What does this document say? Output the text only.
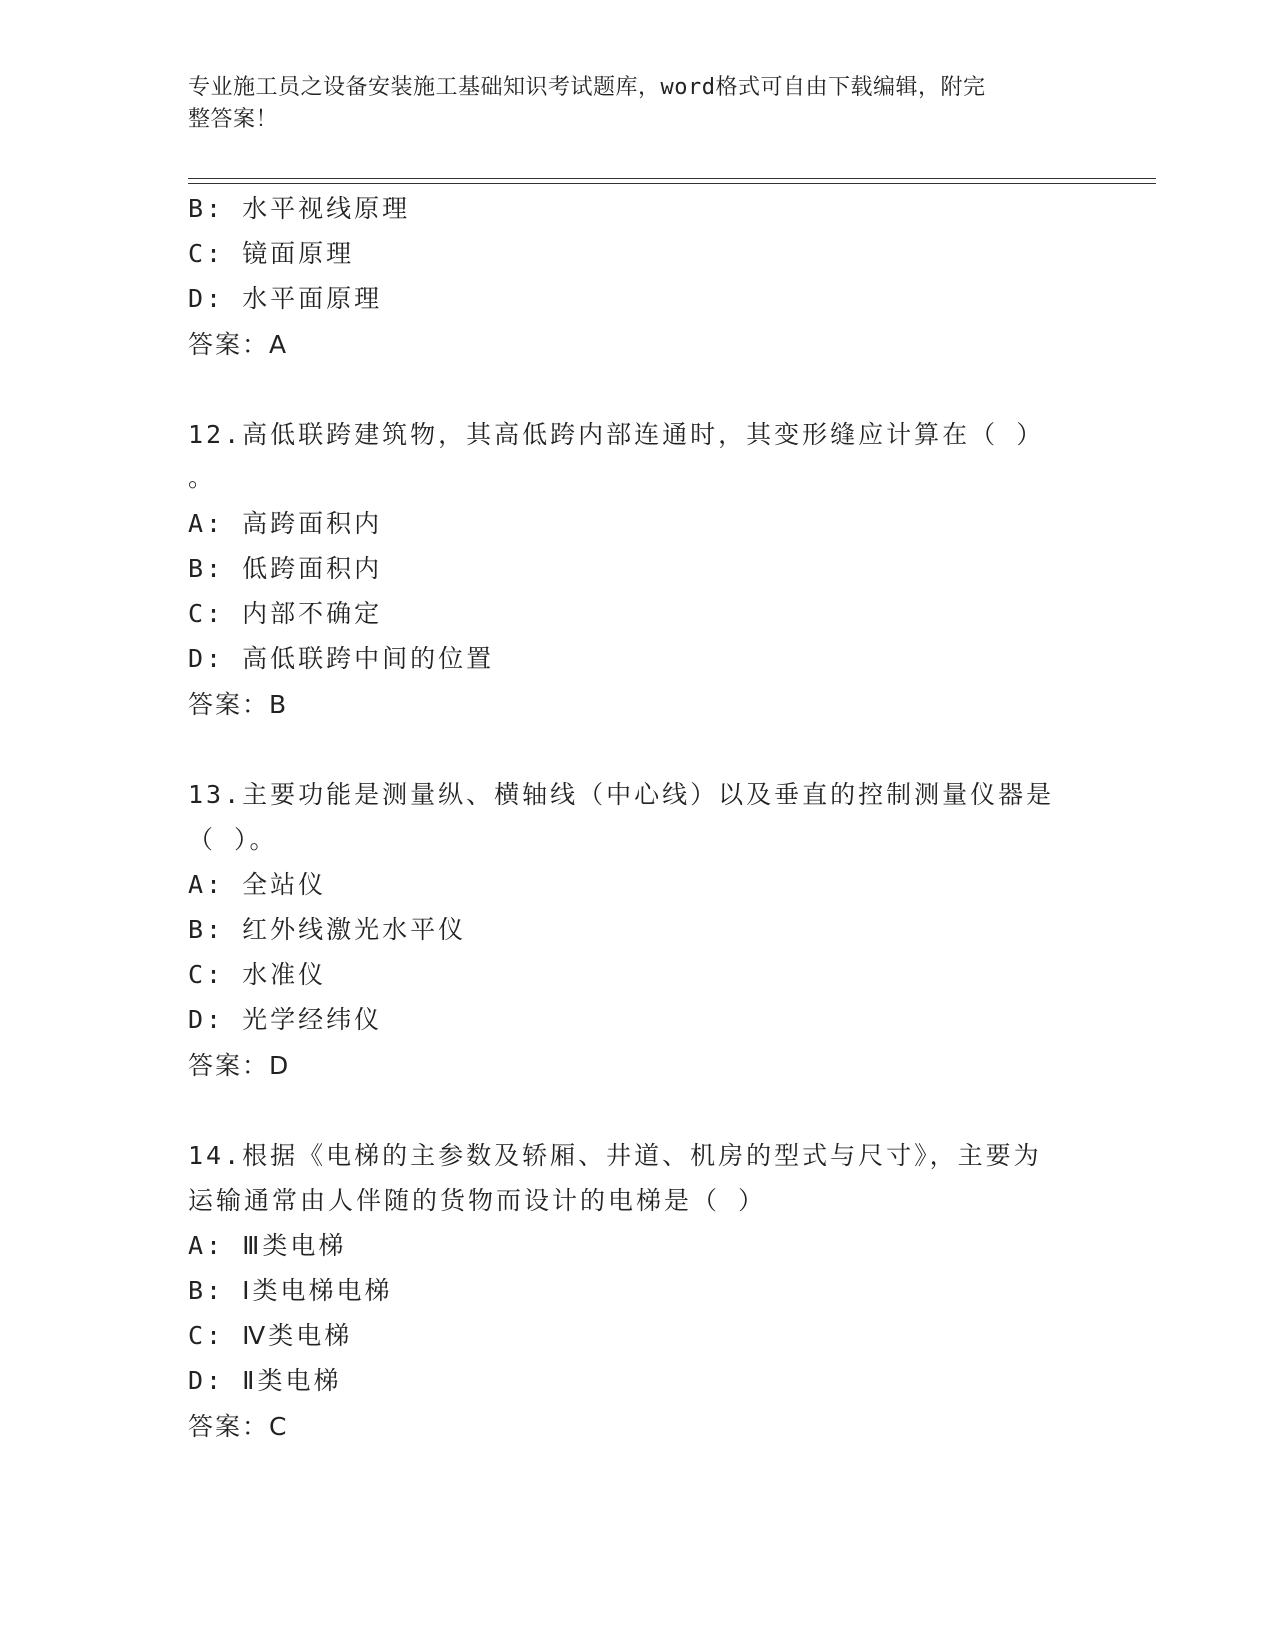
专业施工员之设备安装施工基础知识考试题库，word格式可自由下载编辑，附完
整答案！
B: 水平视线原理
C: 镜面原理
D: 水平面原理
答案：A
12.高低联跨建筑物，其高低跨内部连通时，其变形缝应计算在（ ）
。
A: 高跨面积内
B: 低跨面积内
C: 内部不确定
D: 高低联跨中间的位置
答案：B
13.主要功能是测量纵、横轴线（中心线）以及垂直的控制测量仪器是
（ ）。
A: 全站仪
B: 红外线激光水平仪
C: 水准仪
D: 光学经纬仪
答案：D
14.根据《电梯的主参数及轿厢、井道、机房的型式与尺寸》，主要为
运输通常由人伴随的货物而设计的电梯是（ ）
A: Ⅲ类电梯
B: Ⅰ类电梯电梯
C: Ⅳ类电梯
D: Ⅱ类电梯
答案：C
